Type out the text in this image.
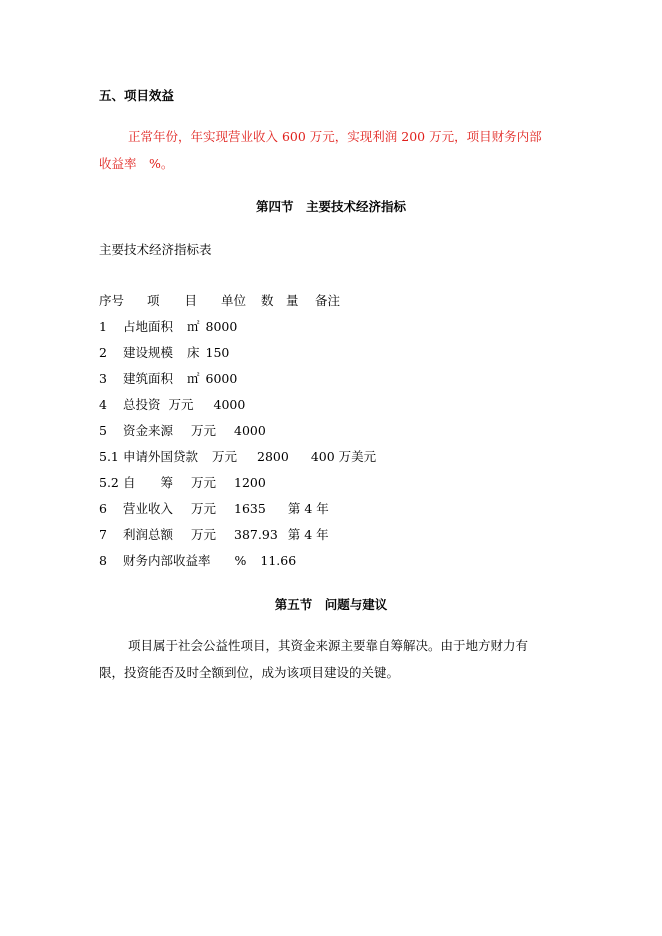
五、项目效益
正常年份，年实现营业收入 600 万元，实现利润 200 万元，项目财务内部
收益率　%。
第四节　主要技术经济指标
主要技术经济指标表
序号 项　　目 单位 数　量 备注
1 占地面积 ㎡ 8000
2 建设规模 床 150
3 建筑面积 ㎡ 6000
4 总投资 万元 4000
5 资金来源 万元 4000
5.1 申请外国贷款 万元 2800 400 万美元
5.2 自　　筹 万元 1200
6 营业收入 万元 1635 第 4 年
7 利润总额 万元 387.93 第 4 年
8 财务内部收益率 % 11.66
第五节　问题与建议
项目属于社会公益性项目，其资金来源主要靠自筹解决。由于地方财力有
限，投资能否及时全额到位，成为该项目建设的关键。
